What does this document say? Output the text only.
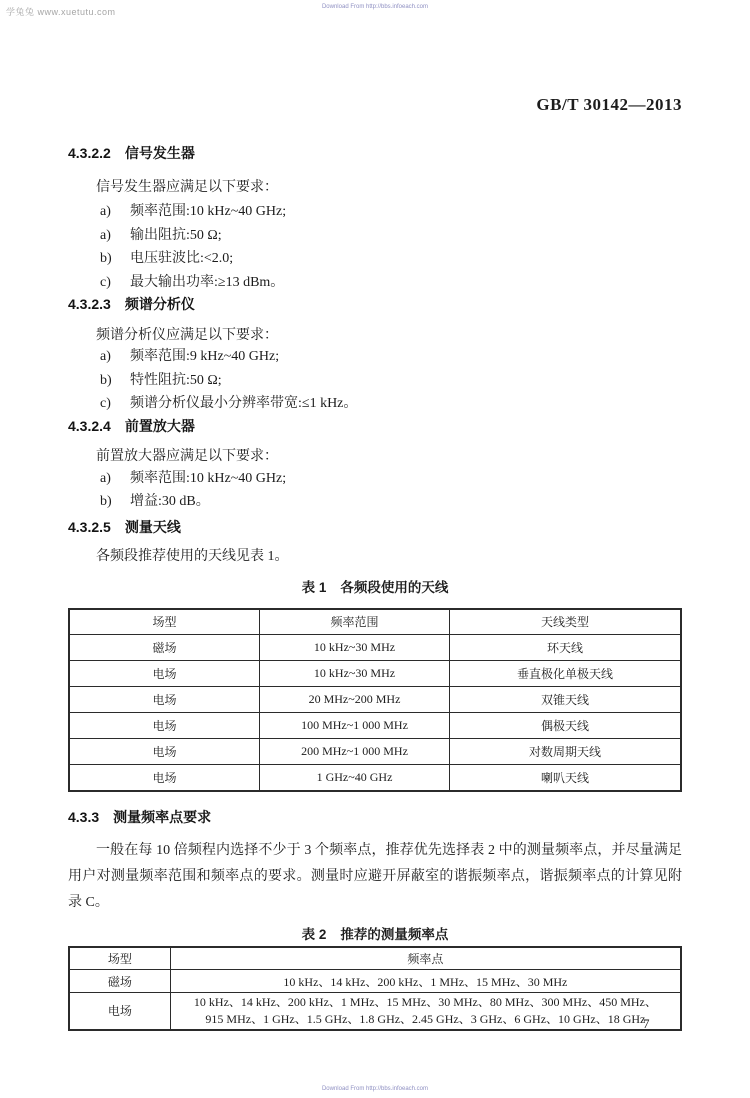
学兔兔 www.xuetutu.com	Download From http://bbs.infoeach.com
Download From http://bbs.infoeach.com
GB/T 30142—2013
4.3.2.2 信号发生器
信号发生器应满足以下要求：
a)	频率范围:10 kHz~40 GHz;
a)	输出阻抗:50 Ω;
b)	电压驻波比:<2.0;
c)	最大输出功率:≥13 dBm。
4.3.2.3 频谱分析仪
频谱分析仪应满足以下要求：
a)	频率范围:9 kHz~40 GHz;
b)	特性阻抗:50 Ω;
c)	频谱分析仪最小分辨率带宽:≤1 kHz。
4.3.2.4 前置放大器
前置放大器应满足以下要求：
a)	频率范围:10 kHz~40 GHz;
b)	增益:30 dB。
4.3.2.5 测量天线
各频段推荐使用的天线见表 1。
表 1 各频段使用的天线
场型	频率范围	天线类型
磁场	10 kHz~30 MHz	环天线
电场	10 kHz~30 MHz	垂直极化单极天线
电场	20 MHz~200 MHz	双锥天线
电场	100 MHz~1 000 MHz	偶极天线
电场	200 MHz~1 000 MHz	对数周期天线
电场	1 GHz~40 GHz	喇叭天线
4.3.3 测量频率点要求
一般在每 10 倍频程内选择不少于 3 个频率点，推荐优先选择表 2 中的测量频率点，并尽量满足用户对测量频率范围和频率点的要求。测量时应避开屏蔽室的谐振频率点，谐振频率点的计算见附录 C。
表 2 推荐的测量频率点
场型	频率点
磁场	10 kHz、14 kHz、200 kHz、1 MHz、15 MHz、30 MHz
电场	10 kHz、14 kHz、200 kHz、1 MHz、15 MHz、30 MHz、80 MHz、300 MHz、450 MHz、
915 MHz、1 GHz、1.5 GHz、1.8 GHz、2.45 GHz、3 GHz、6 GHz、10 GHz、18 GHz
7
